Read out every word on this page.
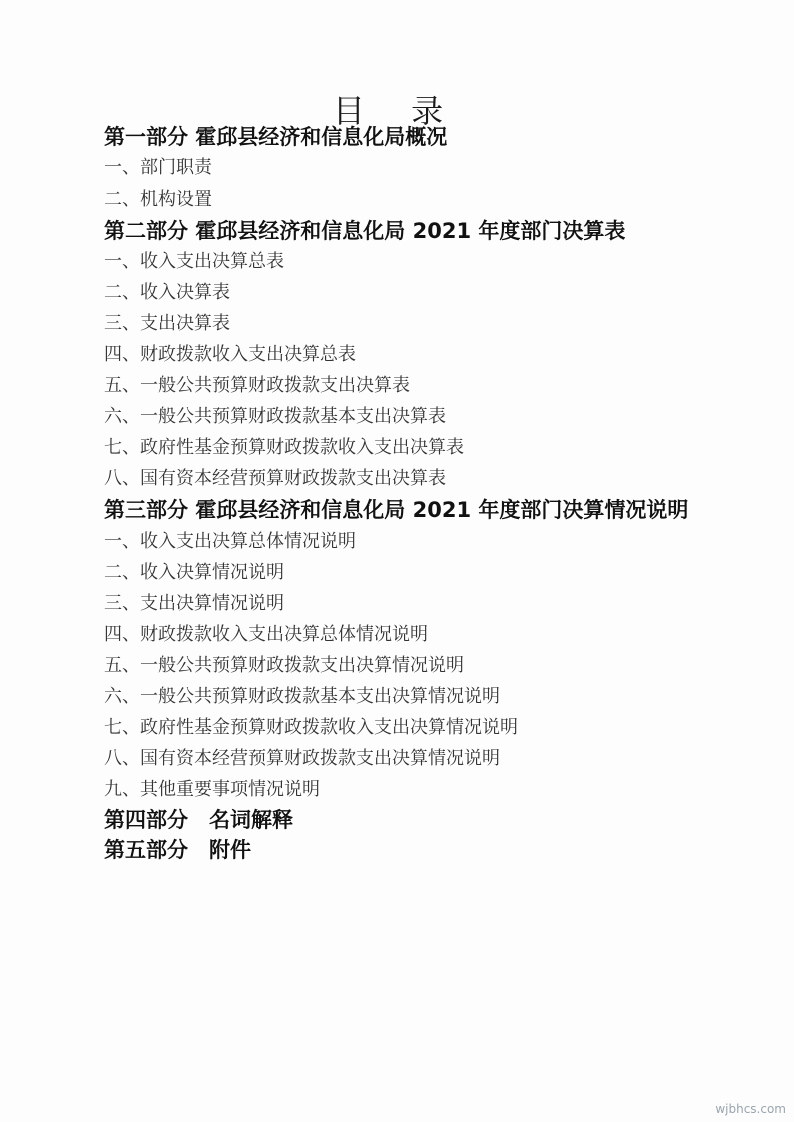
目 录

第一部分 霍邱县经济和信息化局概况

一、部门职责

二、机构设置

第二部分 霍邱县经济和信息化局 2021 年度部门决算表

一、收入支出决算总表

二、收入决算表

三、支出决算表

四、财政拨款收入支出决算总表

五、一般公共预算财政拨款支出决算表

六、一般公共预算财政拨款基本支出决算表

七、政府性基金预算财政拨款收入支出决算表

八、国有资本经营预算财政拨款支出决算表

第三部分 霍邱县经济和信息化局 2021 年度部门决算情况说明

一、收入支出决算总体情况说明

二、收入决算情况说明

三、支出决算情况说明

四、财政拨款收入支出决算总体情况说明

五、一般公共预算财政拨款支出决算情况说明

六、一般公共预算财政拨款基本支出决算情况说明

七、政府性基金预算财政拨款收入支出决算情况说明

八、国有资本经营预算财政拨款支出决算情况说明

九、其他重要事项情况说明

第四部分　名词解释

第五部分　附件

wjbhcs.com
